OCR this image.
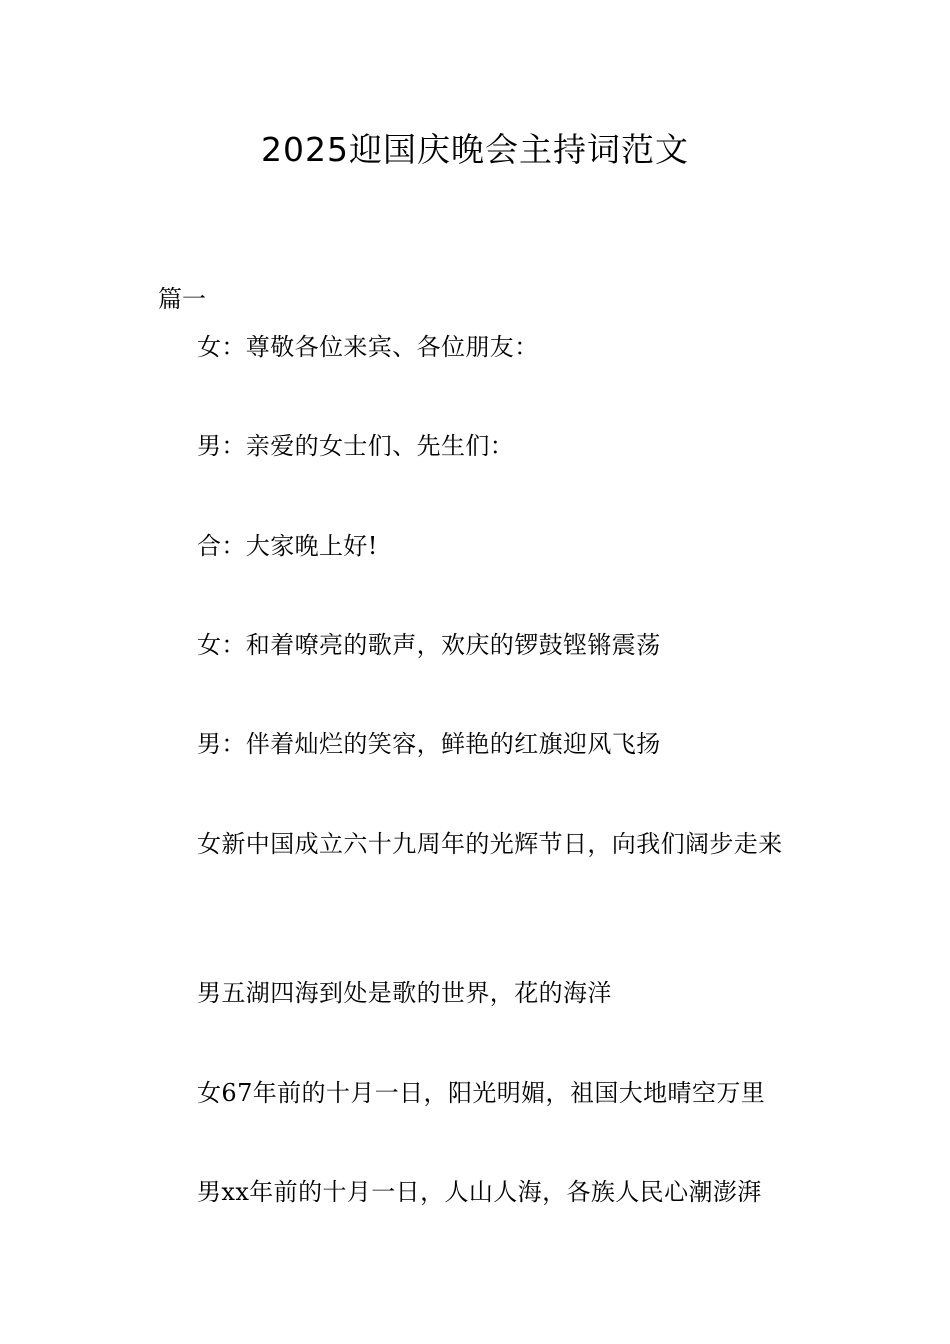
2025迎国庆晚会主持词范文
篇一

女：尊敬各位来宾、各位朋友：

男：亲爱的女士们、先生们：

合：大家晚上好!

女：和着嘹亮的歌声，欢庆的锣鼓铿锵震荡

男：伴着灿烂的笑容，鲜艳的红旗迎风飞扬

女新中国成立六十九周年的光辉节日，向我们阔步走来

男五湖四海到处是歌的世界，花的海洋

女67年前的十月一日，阳光明媚，祖国大地晴空万里

男xx年前的十月一日，人山人海，各族人民心潮澎湃
